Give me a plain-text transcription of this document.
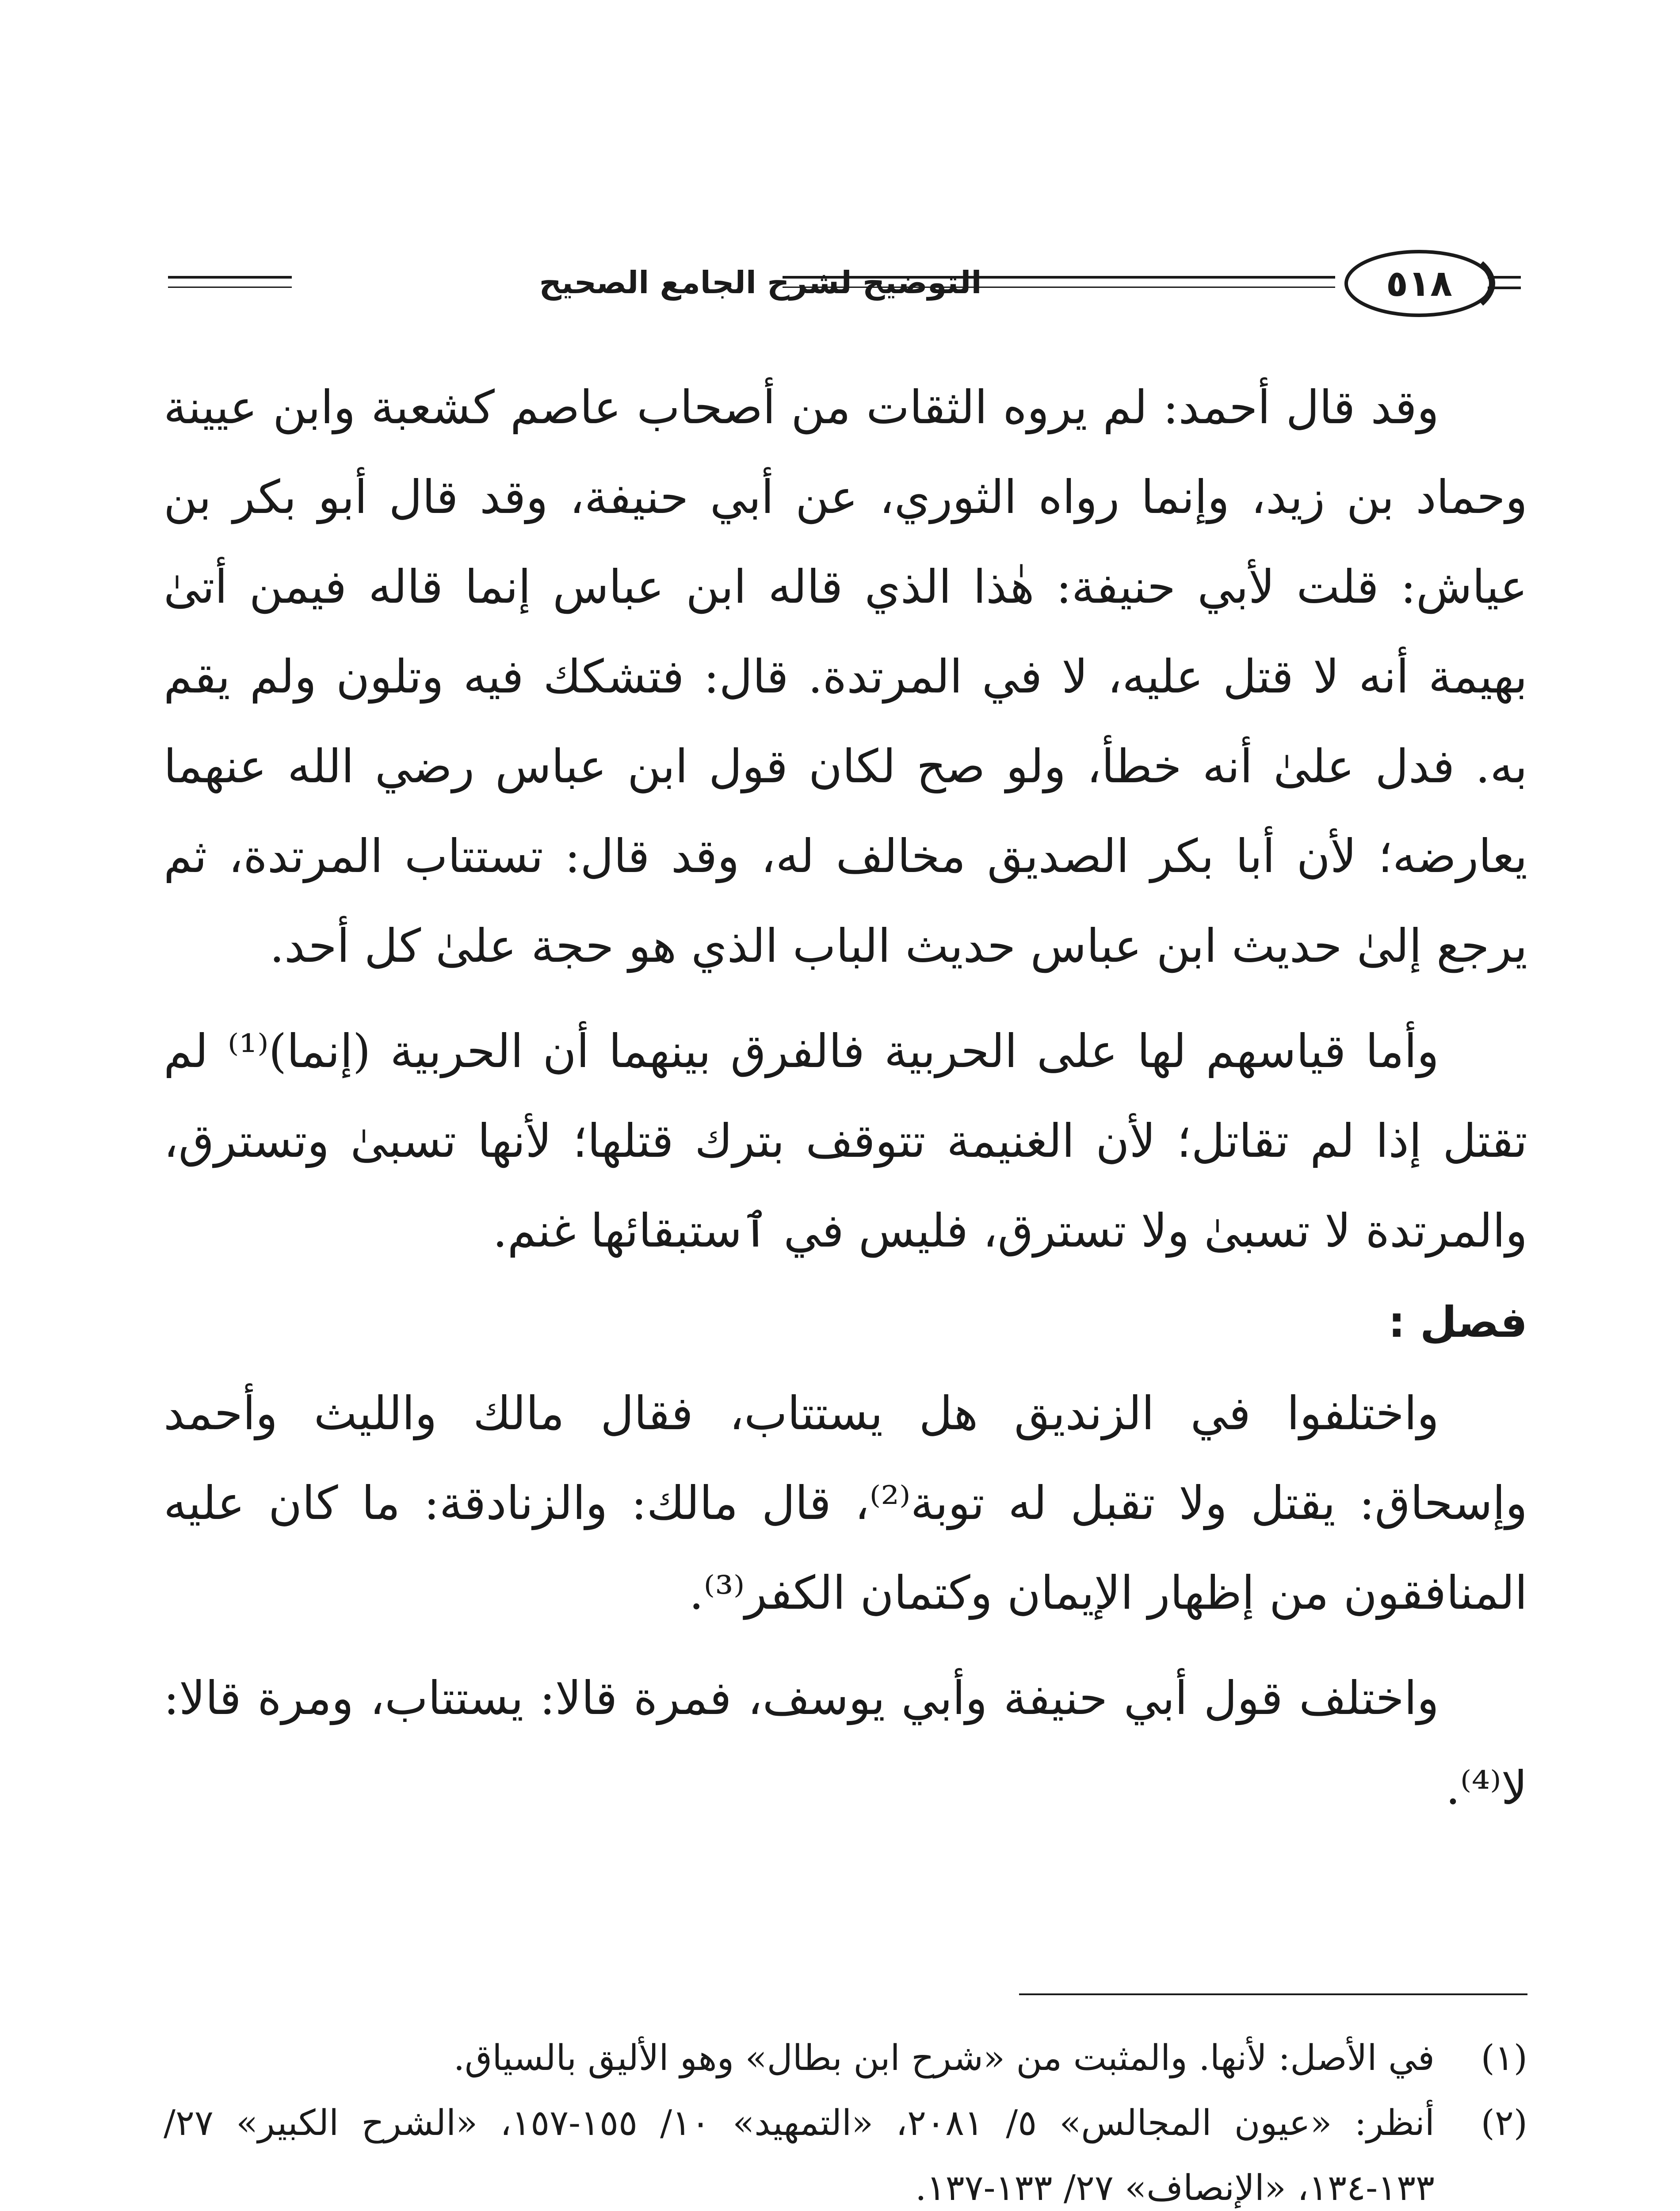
٥١٨
التوضيح لشرح الجامع الصحيح

وقد قال أحمد: لم يروه الثقات من أصحاب عاصم كشعبة وابن عيينة وحماد بن زيد، وإنما رواه الثوري، عن أبي حنيفة، وقد قال أبو بكر بن عياش: قلت لأبي حنيفة: هٰذا الذي قاله ابن عباس إنما قاله فيمن أتىٰ بهيمة أنه لا قتل عليه، لا في المرتدة. قال: فتشكك فيه وتلون ولم يقم به. فدل علىٰ أنه خطأ، ولو صح لكان قول ابن عباس رضي الله عنهما يعارضه؛ لأن أبا بكر الصديق مخالف له، وقد قال: تستتاب المرتدة، ثم يرجع إلىٰ حديث ابن عباس حديث الباب الذي هو حجة علىٰ كل أحد.

وأما قياسهم لها على الحربية فالفرق بينهما أن الحربية (إنما)⁽¹⁾ لم تقتل إذا لم تقاتل؛ لأن الغنيمة تتوقف بترك قتلها؛ لأنها تسبىٰ وتسترق، والمرتدة لا تسبىٰ ولا تسترق، فليس في ٱستبقائها غنم.

فصل :

واختلفوا في الزنديق هل يستتاب، فقال مالك والليث وأحمد وإسحاق: يقتل ولا تقبل له توبة⁽²⁾، قال مالك: والزنادقة: ما كان عليه المنافقون من إظهار الإيمان وكتمان الكفر⁽³⁾.

واختلف قول أبي حنيفة وأبي يوسف، فمرة قالا: يستتاب، ومرة قالا: لا⁽⁴⁾.

(١)
في الأصل: لأنها. والمثبت من «شرح ابن بطال» وهو الأليق بالسياق.
(٢)
أنظر: «عيون المجالس» ٥/ ٢٠٨١، «التمهيد» ١٠/ ١٥٥-١٥٧، «الشرح الكبير» ٢٧/ ١٣٣-١٣٤، «الإنصاف» ٢٧/ ١٣٣-١٣٧.
